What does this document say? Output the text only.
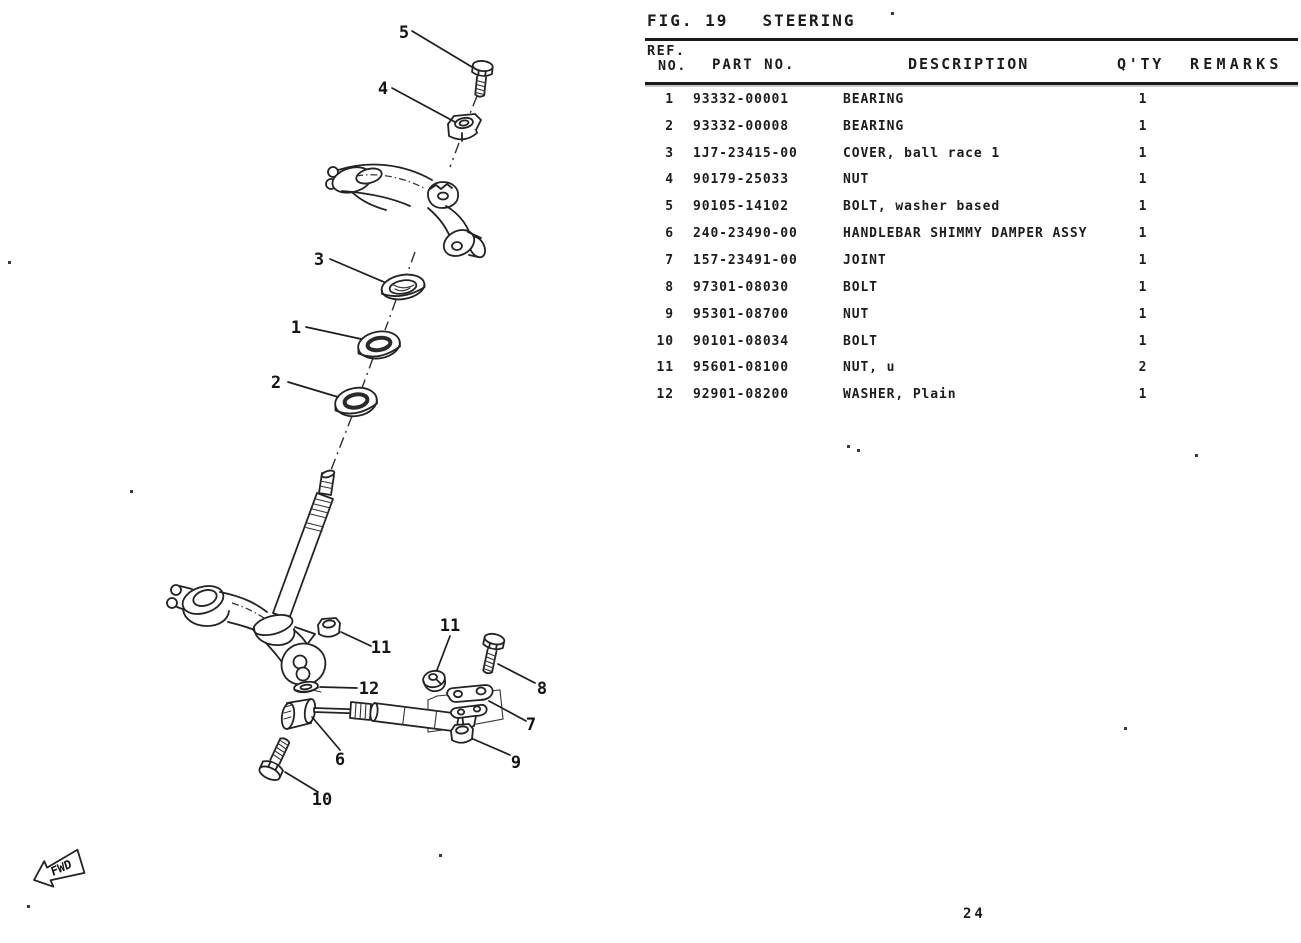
5
4
3
1
2
11
12
11
8
7
6	9
10
FWD
FIG. 19 STEERING
REF.
NO. PART NO.	DESCRIPTION	Q'TY REMARKS
1 93332-00001	BEARING	1
2 93332-00008	BEARING	1
3 1J7-23415-00	COVER, ball race 1	1
4 90179-25033	NUT	1
5 90105-14102	BOLT, washer based	1
6 240-23490-00	HANDLEBAR SHIMMY DAMPER ASSY	1
7 157-23491-00	JOINT	1
8 97301-08030	BOLT	1
9 95301-08700	NUT	1
10 90101-08034	BOLT	1
11 95601-08100	NUT, u	2
12 92901-08200	WASHER, Plain	1
24
